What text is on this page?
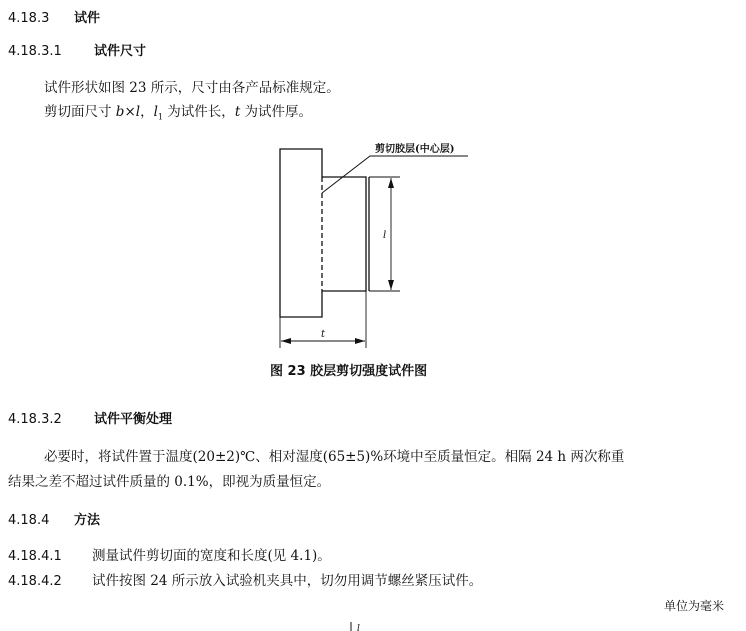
4.18.3 试件
4.18.3.1 试件尺寸
试件形状如图 23 所示，尺寸由各产品标准规定。
剪切面尺寸 b×l，$l_1$ 为试件长，t 为试件厚。
剪切胶层(中心层)
l
t
l
图 23 胶层剪切强度试件图
4.18.3.2 试件平衡处理
必要时，将试件置于温度(20±2)℃、相对湿度(65±5)%环境中至质量恒定。相隔 24 h 两次称重
结果之差不超过试件质量的 0.1%，即视为质量恒定。
4.18.4 方法
4.18.4.1 测量试件剪切面的宽度和长度(见 4.1)。
4.18.4.2 试件按图 24 所示放入试验机夹具中，切勿用调节螺丝紧压试件。
单位为毫米
